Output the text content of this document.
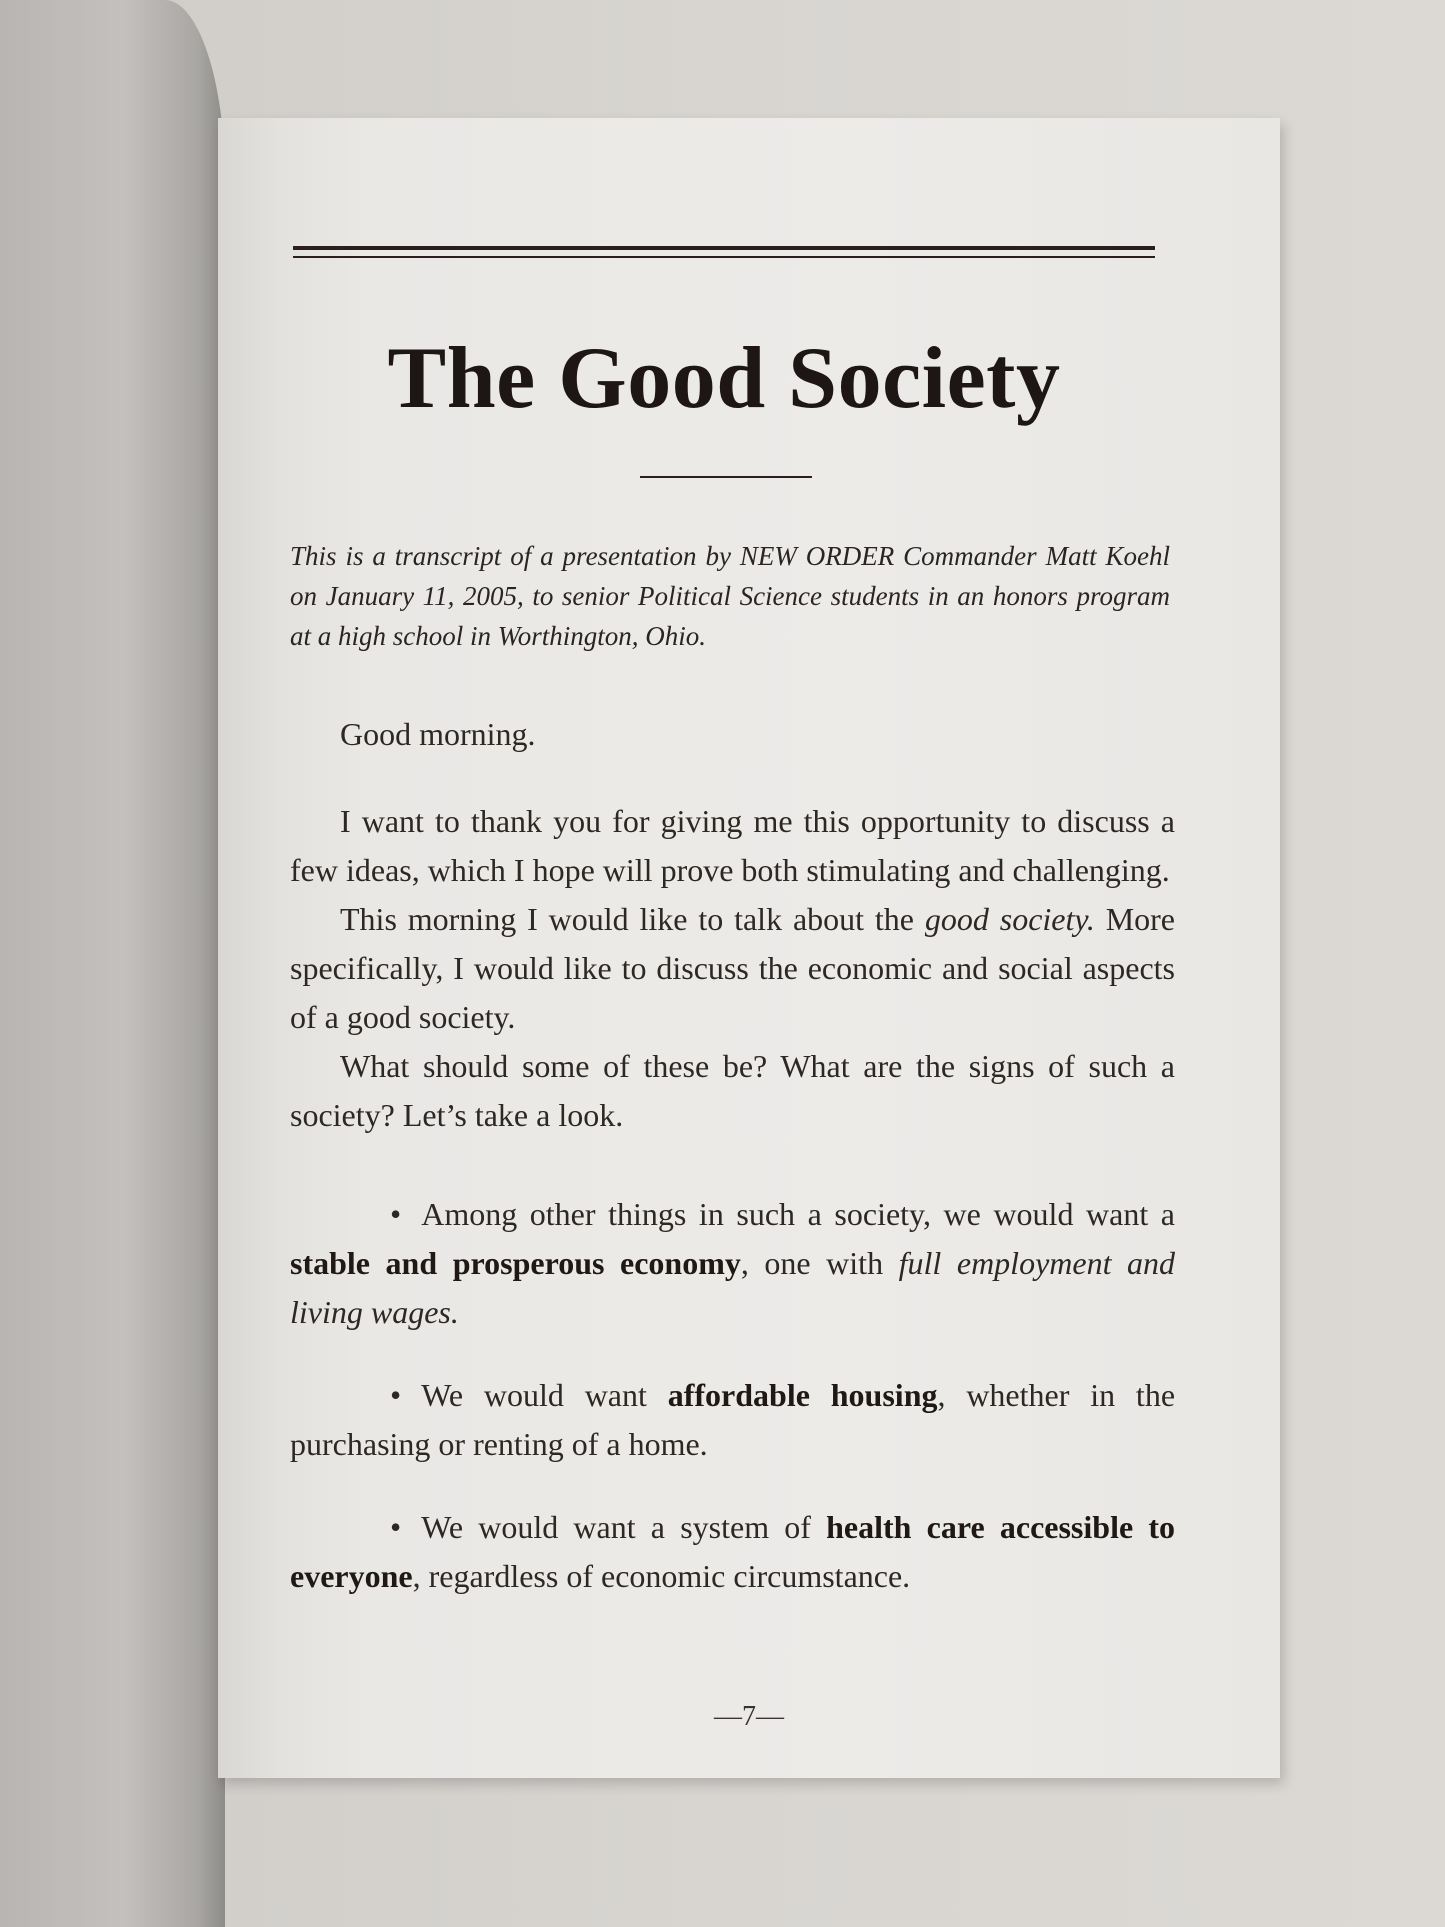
The Good Society
This is a transcript of a presentation by NEW ORDER Commander Matt Koehl on January 11, 2005, to senior Political Science students in an honors program at a high school in Worthington, Ohio.

Good morning.

I want to thank you for giving me this opportunity to discuss a few ideas, which I hope will prove both stimulating and challenging.

This morning I would like to talk about the good society. More specifically, I would like to discuss the economic and social aspects of a good society.

What should some of these be? What are the signs of such a society? Let’s take a look.

• Among other things in such a society, we would want a stable and prosperous economy, one with full employment and living wages.

• We would want affordable housing, whether in the purchasing or renting of a home.

• We would want a system of health care accessible to everyone, regardless of economic circumstance.

—7—
